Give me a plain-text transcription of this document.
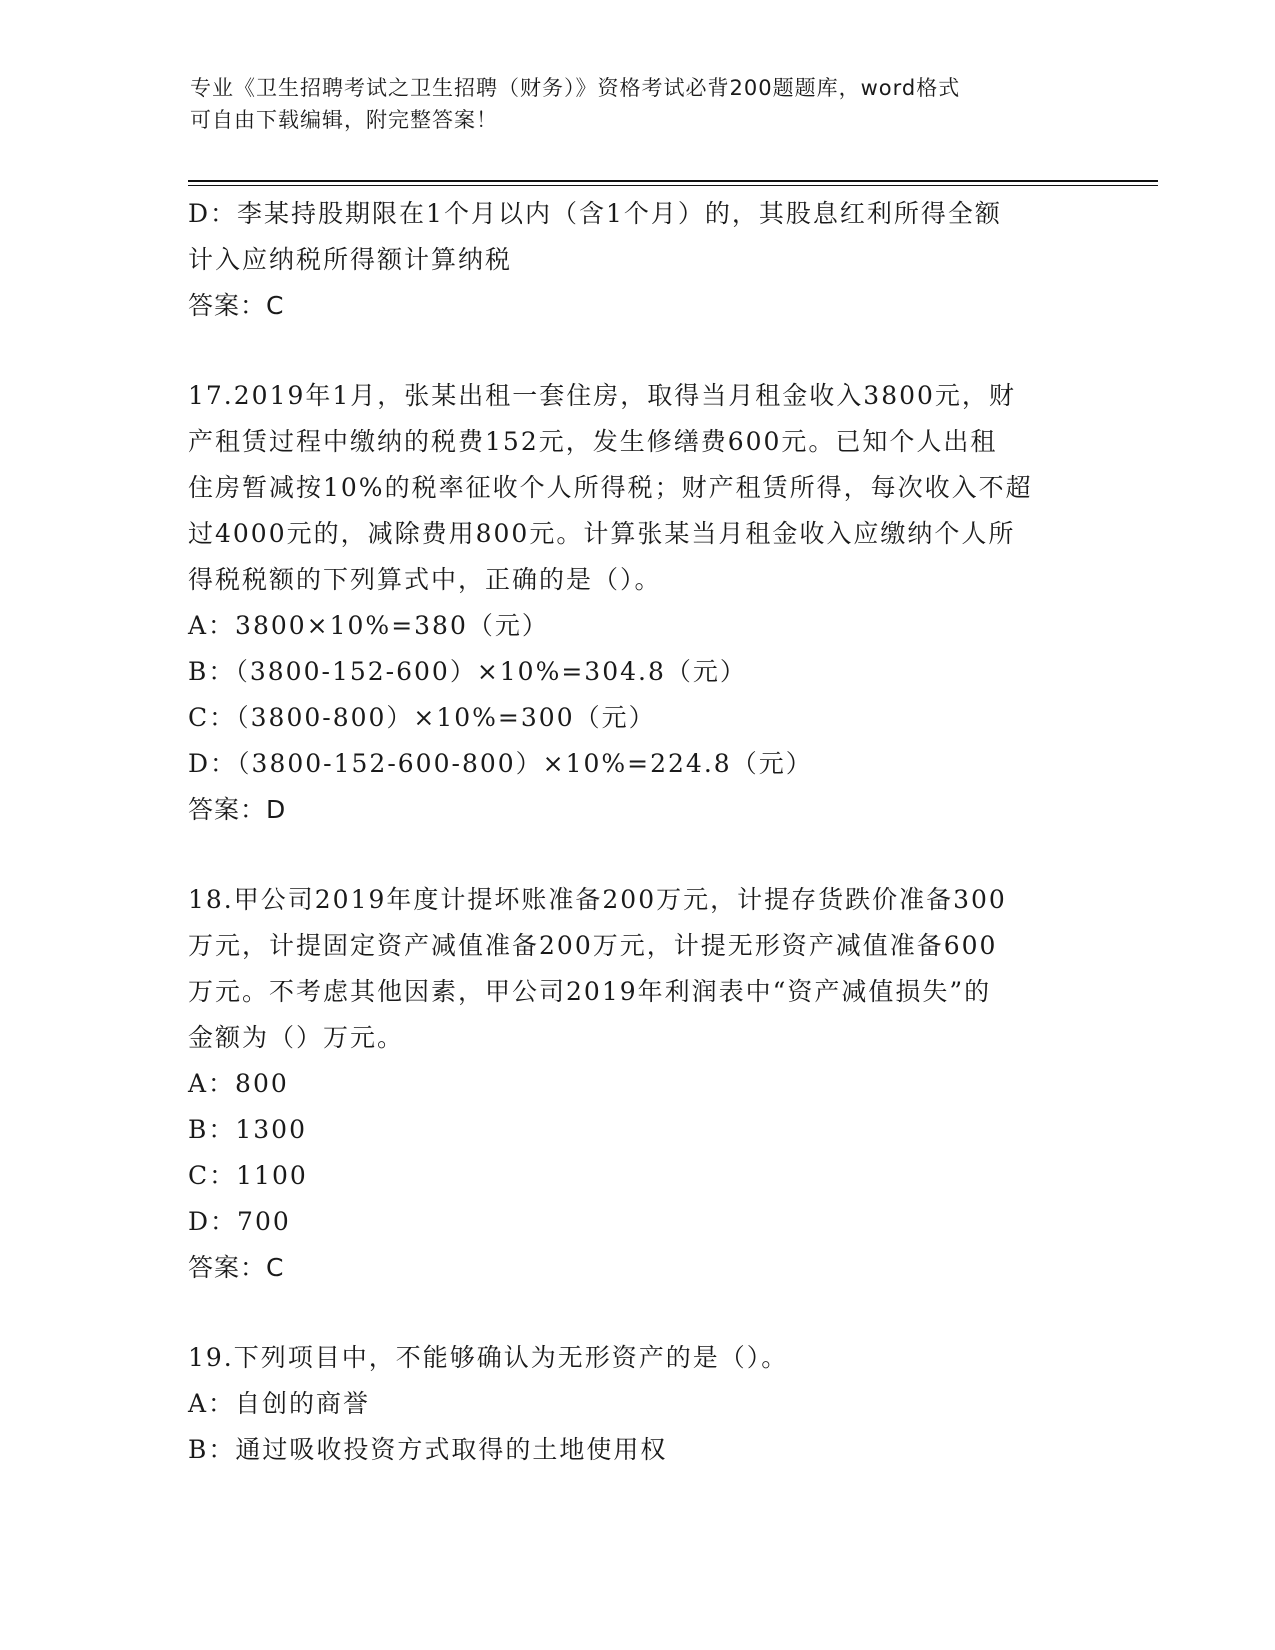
专业《卫生招聘考试之卫生招聘（财务）》资格考试必背200题题库，word格式
可自由下载编辑，附完整答案！
D：李某持股期限在1个月以内（含1个月）的，其股息红利所得全额
计入应纳税所得额计算纳税
答案：C
17.2019年1月，张某出租一套住房，取得当月租金收入3800元，财
产租赁过程中缴纳的税费152元，发生修缮费600元。已知个人出租
住房暂减按10%的税率征收个人所得税；财产租赁所得，每次收入不超
过4000元的，减除费用800元。计算张某当月租金收入应缴纳个人所
得税税额的下列算式中，正确的是（）。
A：3800×10%=380（元）
B：（3800-152-600）×10%=304.8（元）
C：（3800-800）×10%=300（元）
D：（3800-152-600-800）×10%=224.8（元）
答案：D
18.甲公司2019年度计提坏账准备200万元，计提存货跌价准备300
万元，计提固定资产减值准备200万元，计提无形资产减值准备600
万元。不考虑其他因素，甲公司2019年利润表中“资产减值损失”的
金额为（）万元。
A：800
B：1300
C：1100
D：700
答案：C
19.下列项目中，不能够确认为无形资产的是（）。
A：自创的商誉
B：通过吸收投资方式取得的土地使用权
